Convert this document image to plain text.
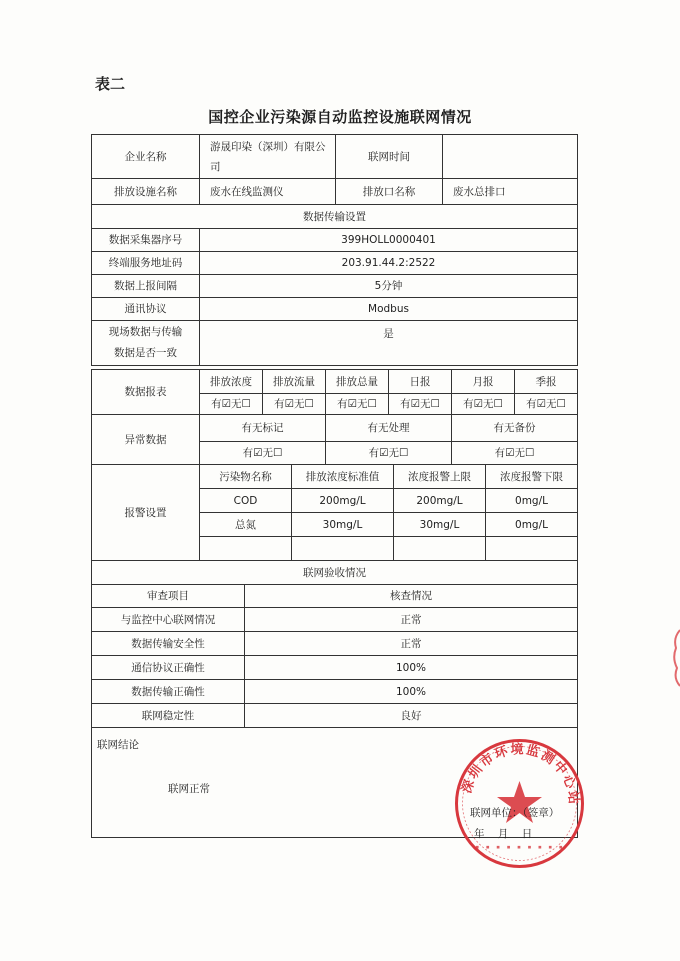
表二
国控企业污染源自动监控设施联网情况
企业名称	游晟印染（深圳）有限公司	联网时间	
排放设施名称	废水在线监测仪	排放口名称	废水总排口
数据传输设置			
数据采集器序号	399HOLL0000401		
终端服务地址码	203.91.44.2:2522		
数据上报间隔	5分钟		
通讯协议	Modbus		

现场数据与传输
数据是否一致	是		
数据报表	排放浓度	排放流量	排放总量	日报	月报	季报
	有☑无☐	有☑无☐	有☑无☐	有☑无☐	有☑无☐	有☑无☐
异常数据	有无标记	有无处理	有无备份
	有☑无☐	有☑无☐	有☑无☐
报警设置	污染物名称	排放浓度标准值	浓度报警上限	浓度报警下限
	COD	200mg/L	200mg/L	0mg/L
	总氮	30mg/L	30mg/L	0mg/L

联网验收情况	
审查项目	核查情况
与监控中心联网情况	正常
数据传输安全性	正常
通信协议正确性	100%
数据传输正确性	100%
联网稳定性	良好

联网结论
联网正常	深圳市环境监测中心站
▪ ▪ ▪ ▪ ▪ ▪ ▪ ▪ ▪
联网单位：（签章）
年    月    日
